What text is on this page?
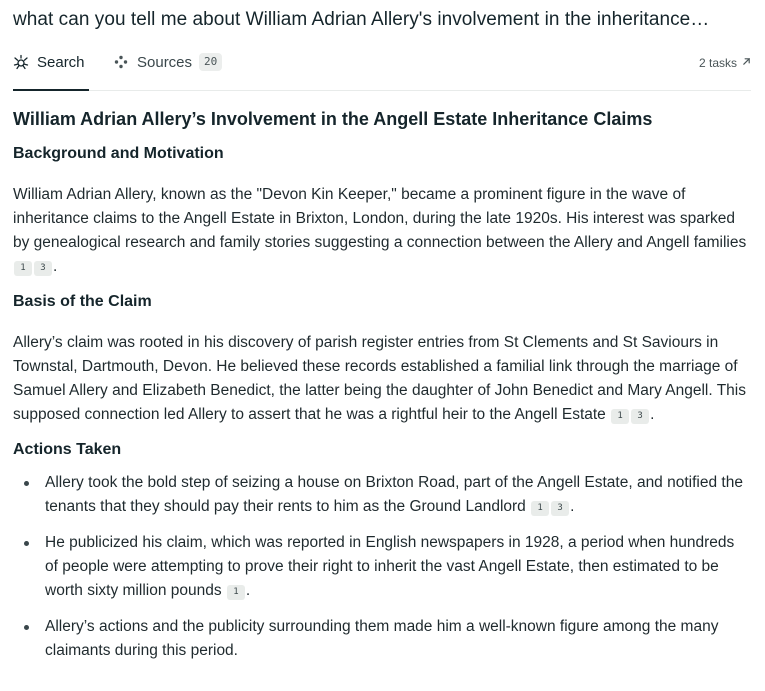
what can you tell me about William Adrian Allery's involvement in the inheritance…
Search	Sources	20	2 tasks
William Adrian Allery’s Involvement in the Angell Estate Inheritance Claims
Background and Motivation

William Adrian Allery, known as the "Devon Kin Keeper," became a prominent figure in the wave of inheritance claims to the Angell Estate in Brixton, London, during the late 1920s. His interest was sparked by genealogical research and family stories suggesting a connection between the Allery and Angell families 1 3 .

Basis of the Claim

Allery’s claim was rooted in his discovery of parish register entries from St Clements and St Saviours in Townstal, Dartmouth, Devon. He believed these records established a familial link through the marriage of Samuel Allery and Elizabeth Benedict, the latter being the daughter of John Benedict and Mary Angell. This supposed connection led Allery to assert that he was a rightful heir to the Angell Estate 1 3 .

Actions Taken
Allery took the bold step of seizing a house on Brixton Road, part of the Angell Estate, and notified the tenants that they should pay their rents to him as the Ground Landlord 1 3 .
He publicized his claim, which was reported in English newspapers in 1928, a period when hundreds of people were attempting to prove their right to inherit the vast Angell Estate, then estimated to be worth sixty million pounds 1 .
Allery’s actions and the publicity surrounding them made him a well-known figure among the many claimants during this period.
